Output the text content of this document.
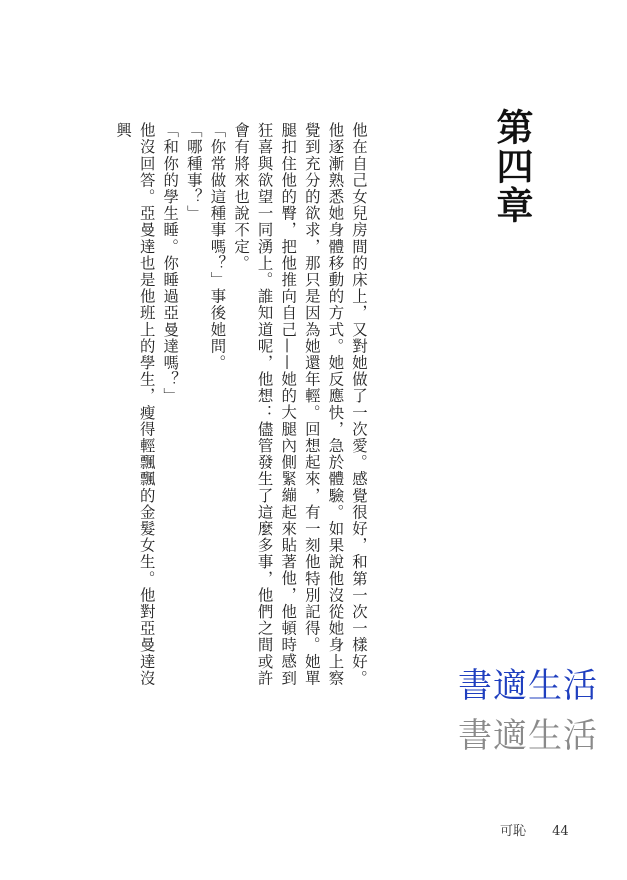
第四章

他在自己女兒房間的床上，又對她做了一次愛。感覺很好，和第一次一樣好。他逐漸熟悉她身體移動的方式。她反應快，急於體驗。如果說他沒從她身上察覺到充分的欲求，那只是因為她還年輕。回想起來，有一刻他特別記得。她單腿扣住他的臀，把他推向自己——她的大腿內側緊繃起來貼著他，他頓時感到狂喜與欲望一同湧上。誰知道呢，他想：儘管發生了這麼多事，他們之間或許會有將來也說不定。

「你常做這種事嗎？」事後她問。

「哪種事？」

「和你的學生睡。你睡過亞曼達嗎？」

他沒回答。亞曼達也是他班上的學生，瘦得輕飄飄的金髮女生。他對亞曼達沒興

書適生活
書適生活
可恥 44
